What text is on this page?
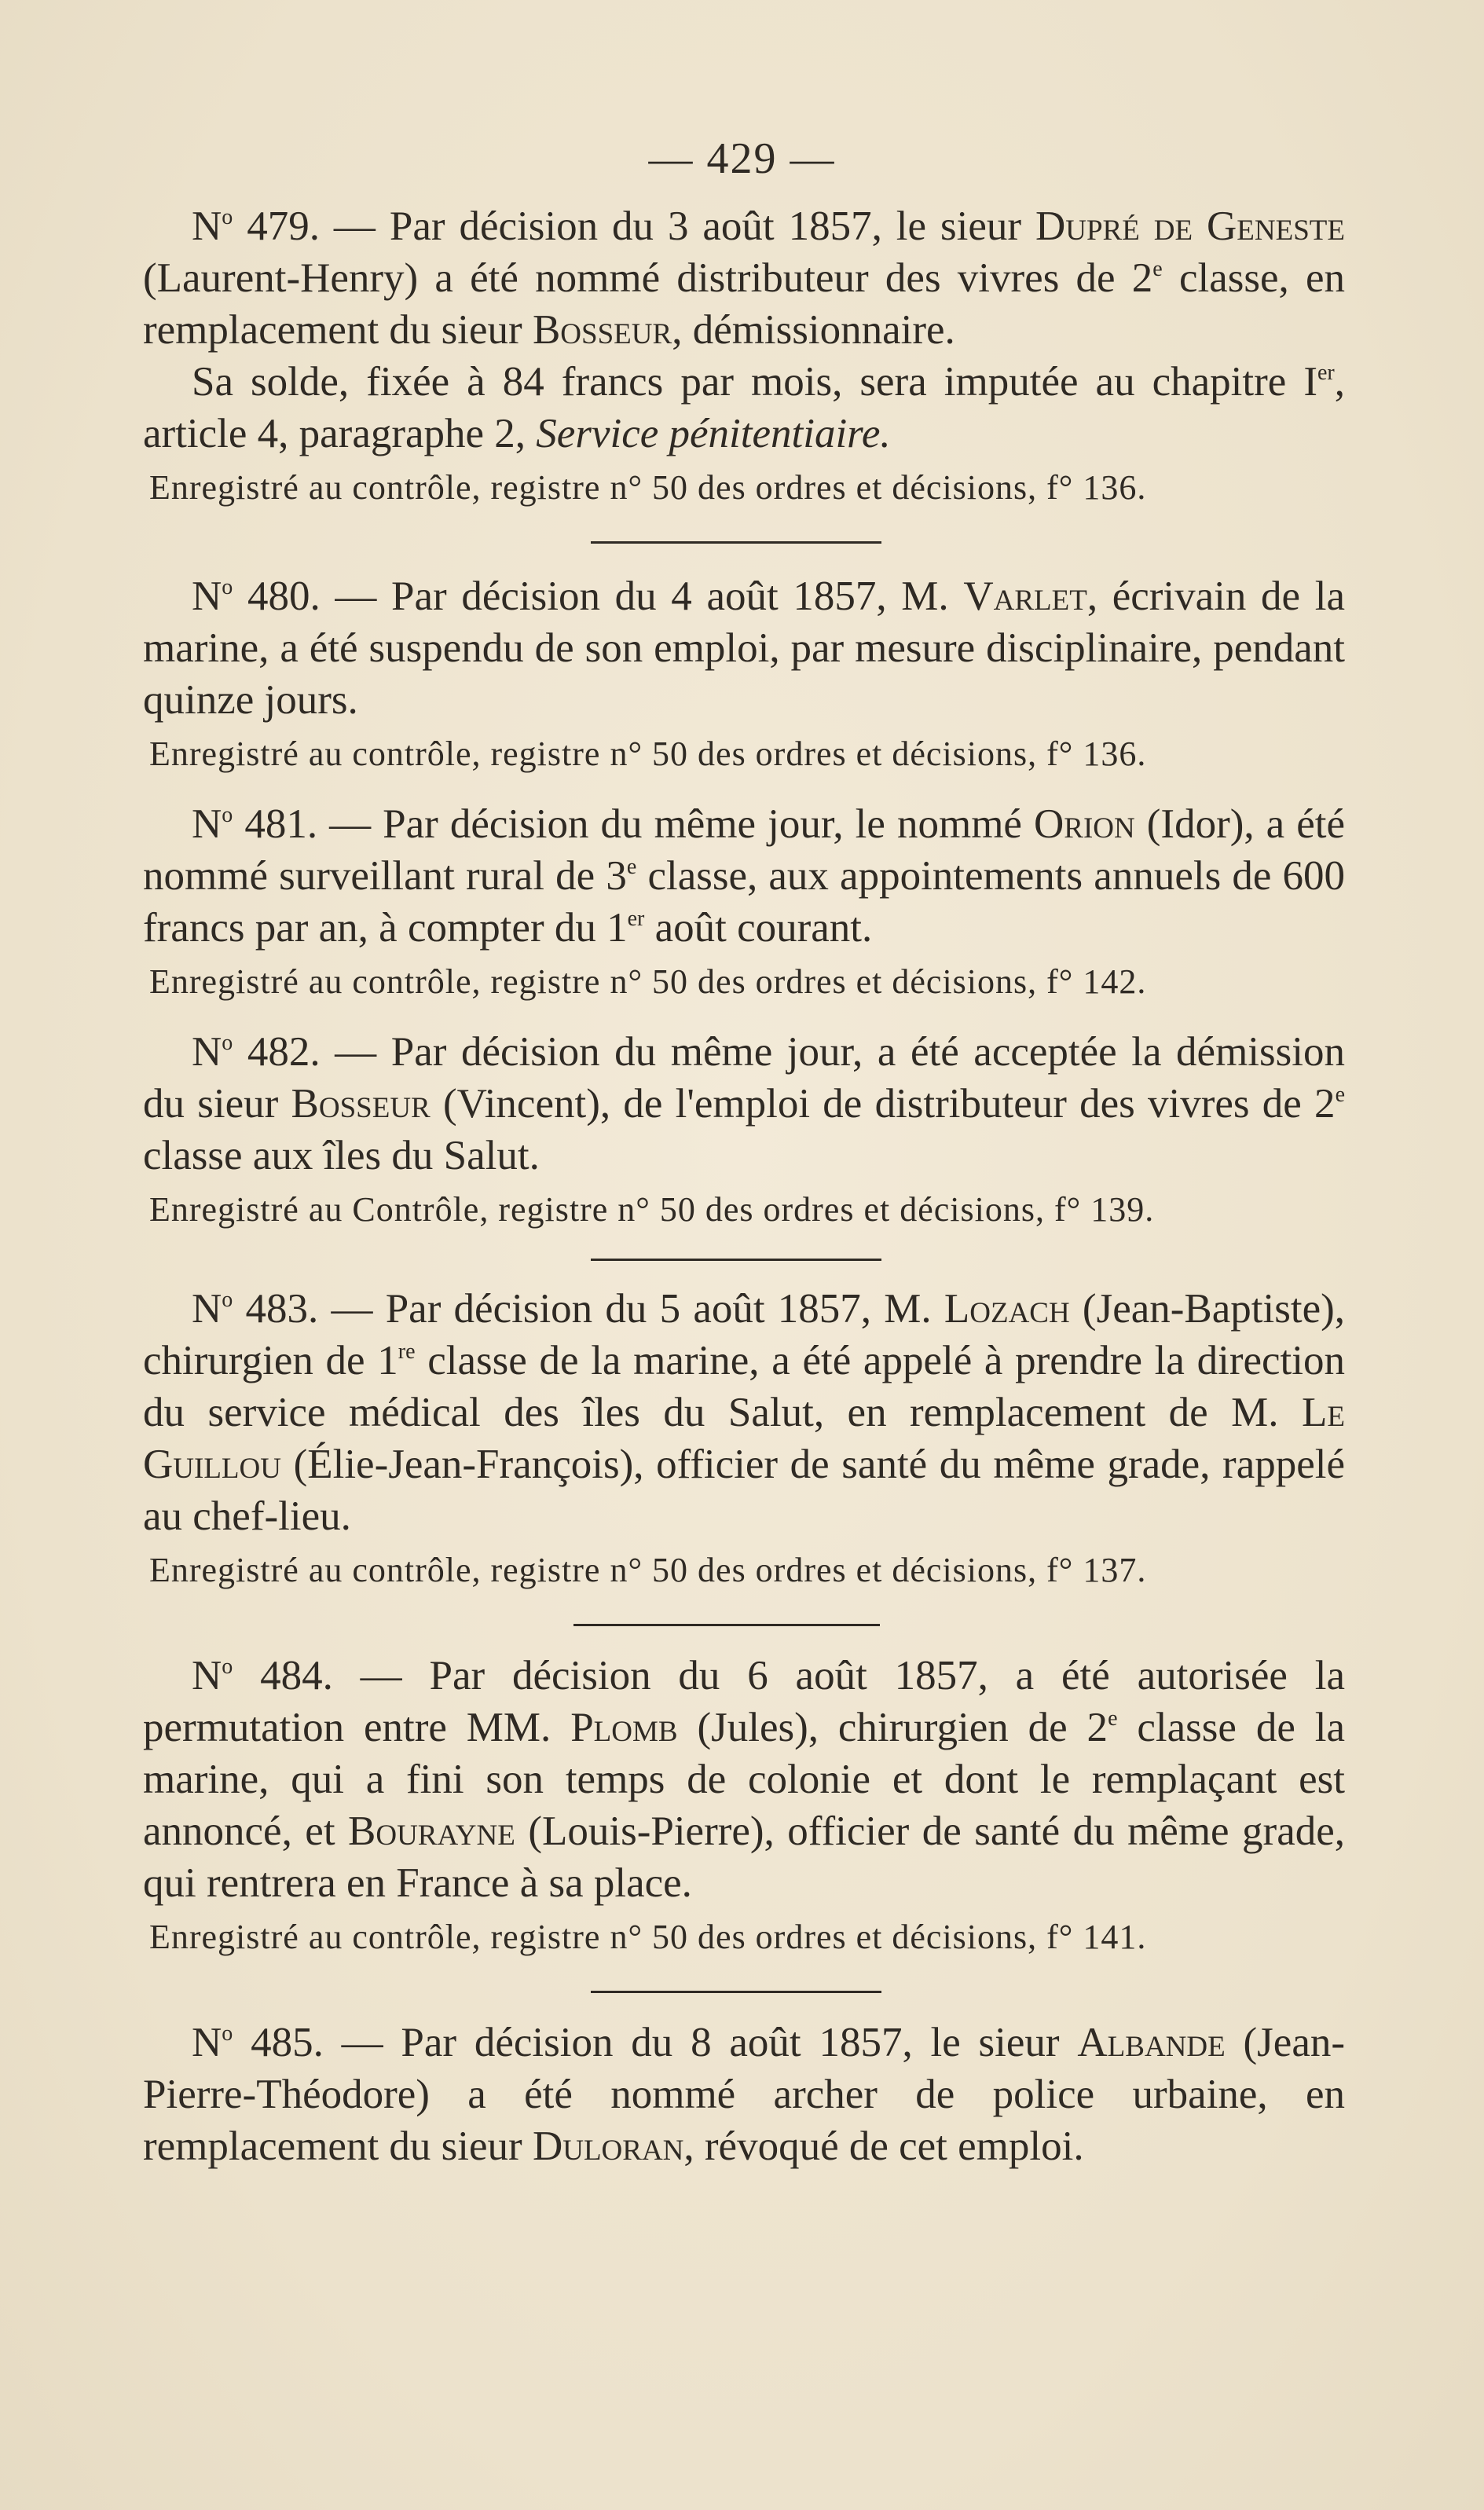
— 429 —

$N^o$ 479. — Par décision du 3 août 1857, le sieur Dupré de Geneste (Laurent-Henry) a été nommé distributeur des vivres de 2e classe, en remplacement du sieur Bosseur, démissionnaire.

Sa solde, fixée à 84 francs par mois, sera imputée au chapitre Ier, article 4, paragraphe 2, Service pénitentiaire.

Enregistré au contrôle, registre n° 50 des ordres et décisions, f° 136.

$N^o$ 480. — Par décision du 4 août 1857, M. Varlet, écrivain de la marine, a été suspendu de son emploi, par mesure disciplinaire, pendant quinze jours.

Enregistré au contrôle, registre n° 50 des ordres et décisions, f° 136.

$N^o$ 481. — Par décision du même jour, le nommé Orion (Idor), a été nommé surveillant rural de 3e classe, aux appointements annuels de 600 francs par an, à compter du 1er août courant.

Enregistré au contrôle, registre n° 50 des ordres et décisions, f° 142.

$N^o$ 482. — Par décision du même jour, a été acceptée la démission du sieur Bosseur (Vincent), de l'emploi de distributeur des vivres de 2e classe aux îles du Salut.

Enregistré au Contrôle, registre n° 50 des ordres et décisions, f° 139.

$N^o$ 483. — Par décision du 5 août 1857, M. Lozach (Jean-Baptiste), chirurgien de 1re classe de la marine, a été appelé à prendre la direction du service médical des îles du Salut, en remplacement de M. Le Guillou (Élie-Jean-François), officier de santé du même grade, rappelé au chef-lieu.

Enregistré au contrôle, registre n° 50 des ordres et décisions, f° 137.

$N^o$ 484. — Par décision du 6 août 1857, a été autorisée la permutation entre MM. Plomb (Jules), chirurgien de 2e classe de la marine, qui a fini son temps de colonie et dont le remplaçant est annoncé, et Bourayne (Louis-Pierre), officier de santé du même grade, qui rentrera en France à sa place.

Enregistré au contrôle, registre n° 50 des ordres et décisions, f° 141.

$N^o$ 485. — Par décision du 8 août 1857, le sieur Albande (Jean-Pierre-Théodore) a été nommé archer de police urbaine, en remplacement du sieur Duloran, révoqué de cet emploi.
